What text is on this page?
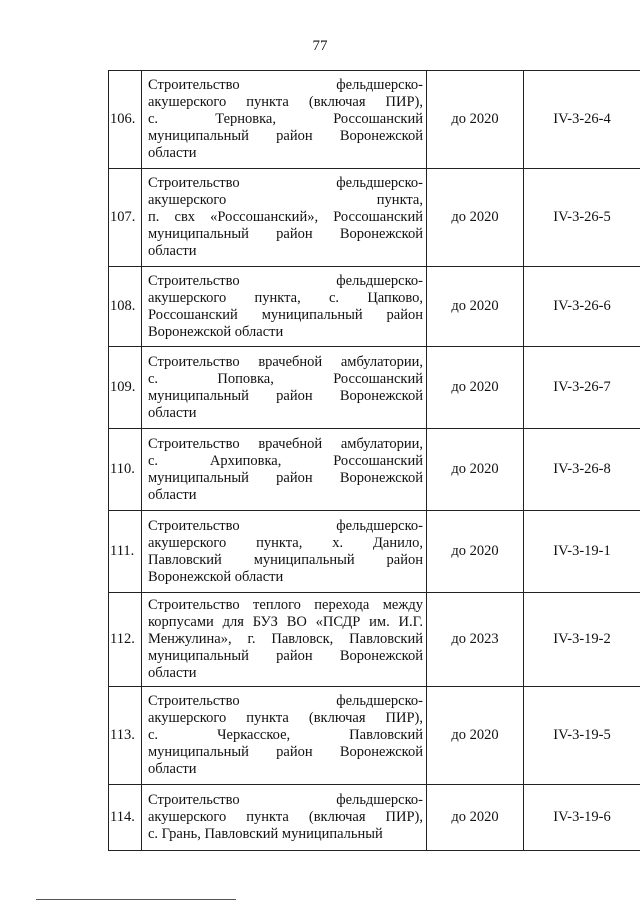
77
106.	Строительство фельдшерско-
акушерского пункта (включая ПИР),
с. Терновка, Россошанский
муниципальный район Воронежской
области	до 2020	IV-3-26-4
107.	Строительство фельдшерско-
акушерского пункта,
п. свх «Россошанский», Россошанский
муниципальный район Воронежской
области	до 2020	IV-3-26-5
108.	Строительство фельдшерско-
акушерского пункта, с. Цапково,
Россошанский муниципальный район
Воронежской области	до 2020	IV-3-26-6
109.	Строительство врачебной амбулатории,
с. Поповка, Россошанский
муниципальный район Воронежской
области	до 2020	IV-3-26-7
110.	Строительство врачебной амбулатории,
с. Архиповка, Россошанский
муниципальный район Воронежской
области	до 2020	IV-3-26-8
111.	Строительство фельдшерско-
акушерского пункта, х. Данило,
Павловский муниципальный район
Воронежской области	до 2020	IV-3-19-1
112.	Строительство теплого перехода между
корпусами для БУЗ ВО «ПСДР им. И.Г.
Менжулина», г. Павловск, Павловский
муниципальный район Воронежской
области	до 2023	IV-3-19-2
113.	Строительство фельдшерско-
акушерского пункта (включая ПИР),
с. Черкасское, Павловский
муниципальный район Воронежской
области	до 2020	IV-3-19-5
114.	Строительство фельдшерско-
акушерского пункта (включая ПИР),
с. Грань, Павловский муниципальный	до 2020	IV-3-19-6
